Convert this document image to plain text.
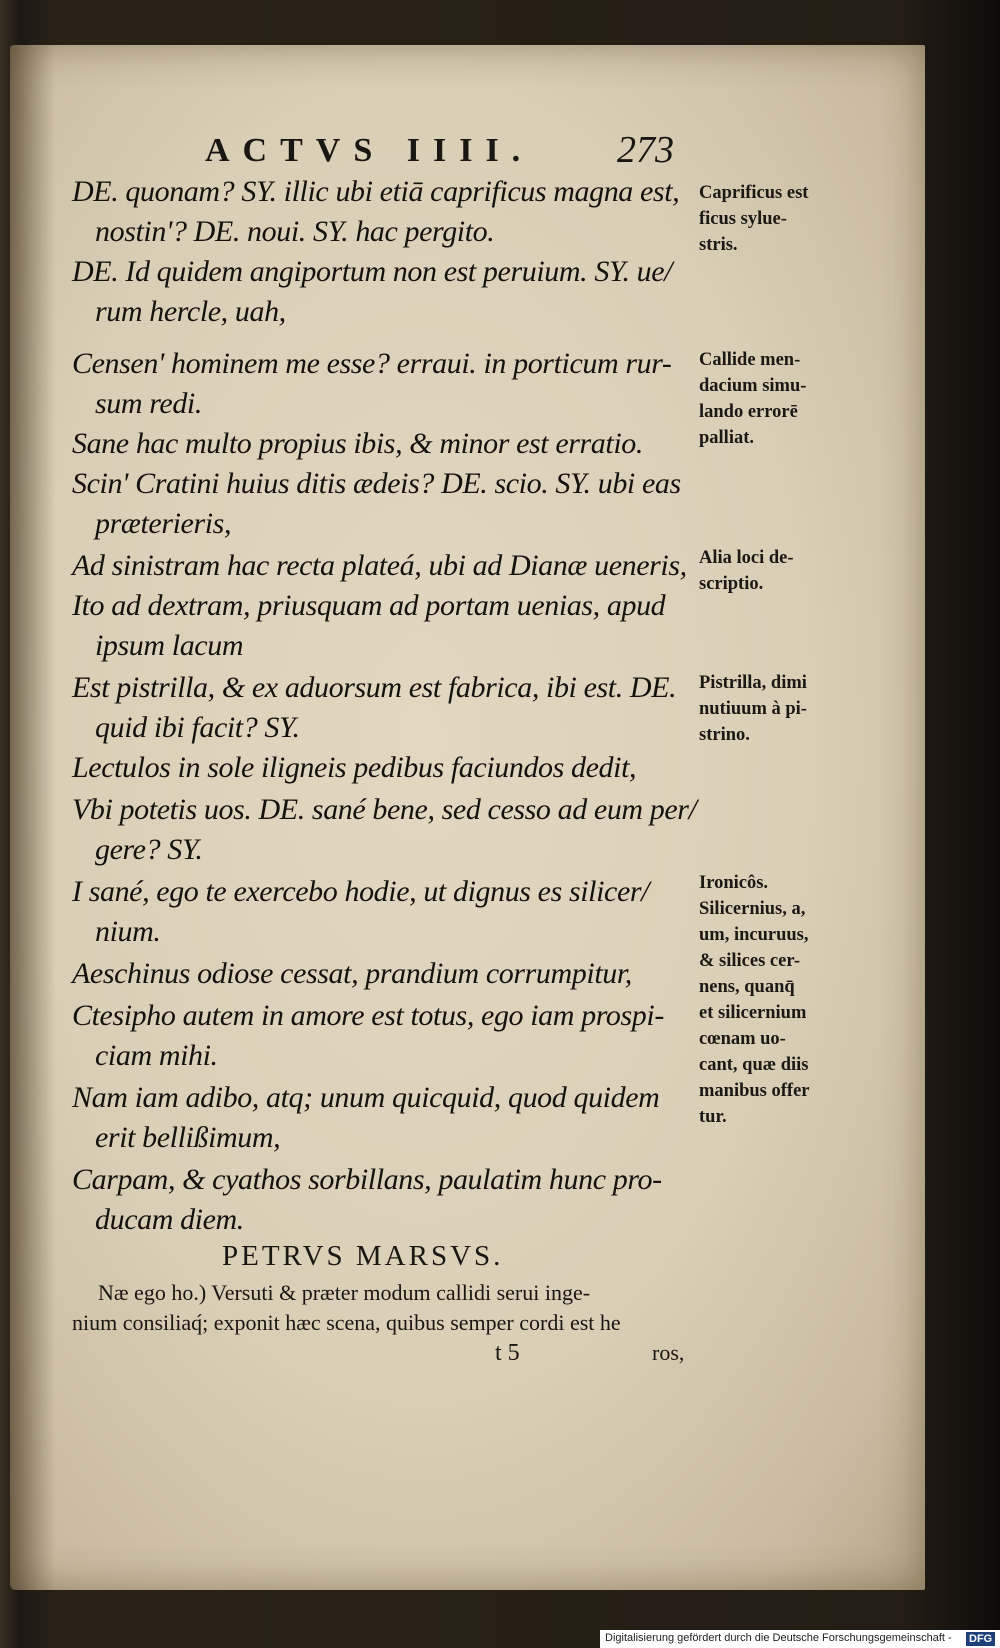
ACTVS IIII. 273

DE. quonam? SY. illic ubi etiā caprificus magna est,

nostin'? DE. noui. SY. hac pergito.

DE. Id quidem angiportum non est peruium. SY. ue/

rum hercle, uah,

Censen' hominem me esse? erraui. in porticum rur-

sum redi.

Sane hac multo propius ibis, & minor est erratio.

Scin' Cratini huius ditis ædeis? DE. scio. SY. ubi eas

præterieris,

Ad sinistram hac recta plateá, ubi ad Dianæ ueneris,

Ito ad dextram, priusquam ad portam uenias, apud

ipsum lacum

Est pistrilla, & ex aduorsum est fabrica, ibi est. DE.

quid ibi facit? SY.

Lectulos in sole iligneis pedibus faciundos dedit,

Vbi potetis uos. DE. sané bene, sed cesso ad eum per/

gere? SY.

I sané, ego te exercebo hodie, ut dignus es silicer/

nium.

Aeschinus odiose cessat, prandium corrumpitur,

Ctesipho autem in amore est totus, ego iam prospi-

ciam mihi.

Nam iam adibo, atq; unum quicquid, quod quidem

erit bellißimum,

Carpam, & cyathos sorbillans, paulatim hunc pro-

ducam diem.

Caprificus est

ficus sylue-

stris.

Callide men-

dacium simu-

lando errorē

palliat.

Alia loci de-

scriptio.

Pistrilla, dimi

nutiuum à pi-

strino.

Ironicôs.

Silicernius, a,

um, incuruus,

& silices cer-

nens, quanq̄

et silicernium

cœnam uo-

cant, quæ diis

manibus offer

tur.

PETRVS MARSVS.

Næ ego ho.) Versuti & præter modum callidi serui inge-

nium consiliaq́; exponit hæc scena, quibus semper cordi est he

t 5	ros,

Digitalisierung gefördert durch die Deutsche Forschungsgemeinschaft - DFG
